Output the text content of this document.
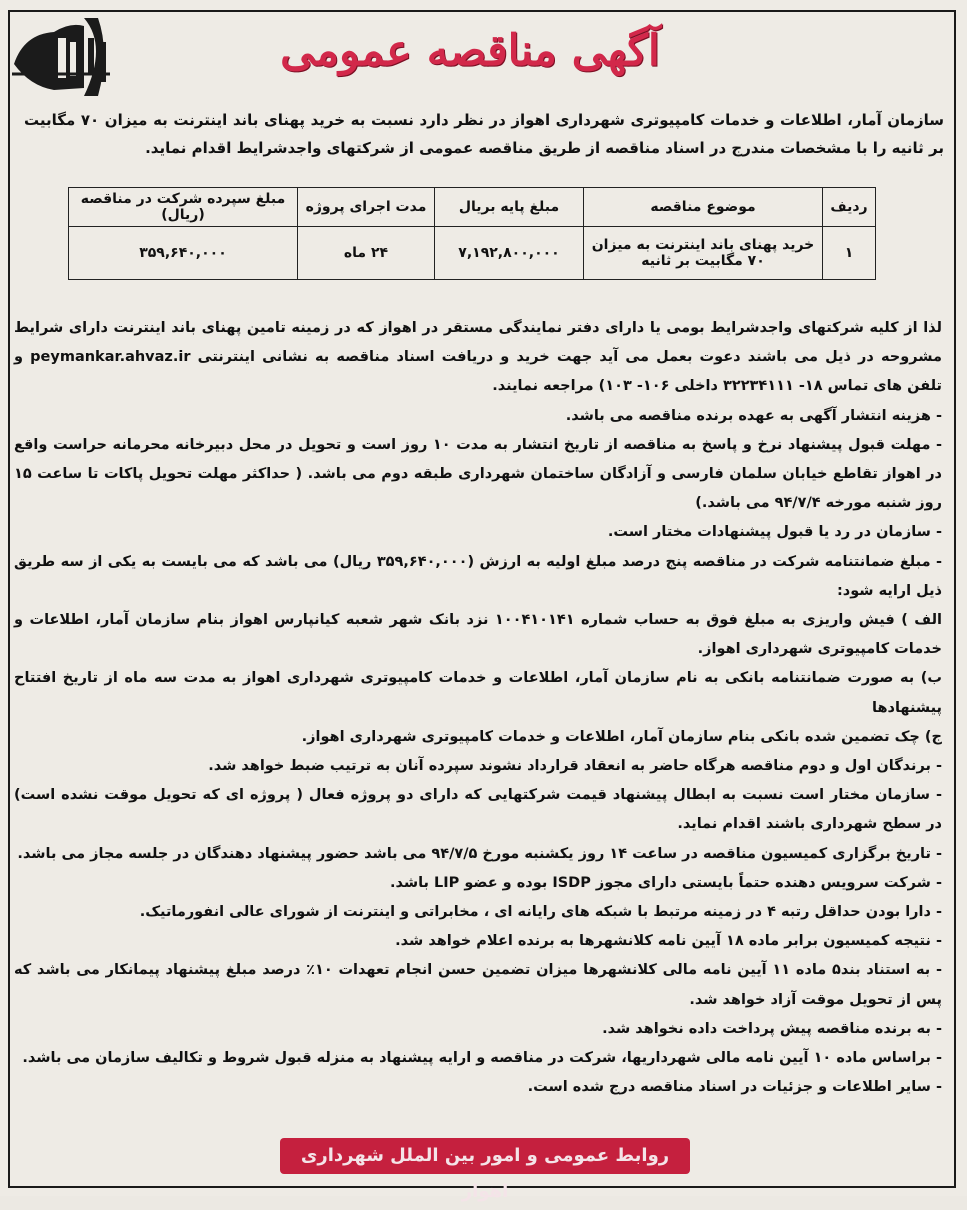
آگهی مناقصه عمومی
سازمان آمار، اطلاعات و خدمات کامپیوتری شهرداری اهواز در نظر دارد نسبت به خرید پهنای باند اینترنت به میزان ۷۰ مگابیت بر ثانیه را با مشخصات مندرج در اسناد مناقصه از طریق مناقصه عمومی از شرکتهای واجدشرایط اقدام نماید.
ردیف	موضوع مناقصه	مبلغ پایه بریال	مدت اجرای پروژه	مبلغ سپرده شرکت در مناقصه (ریال)
۱	خرید پهنای باند اینترنت به میزان ۷۰ مگابیت بر ثانیه	۷,۱۹۲,۸۰۰,۰۰۰	۲۴ ماه	۳۵۹,۶۴۰,۰۰۰

لذا از کلیه شرکتهای واجدشرایط بومی یا دارای دفتر نمایندگی مستقر در اهواز که در زمینه تامین پهنای باند اینترنت دارای شرایط مشروحه در ذیل می باشند دعوت بعمل می آید جهت خرید و دریافت اسناد مناقصه به نشانی اینترنتی peymankar.ahvaz.ir و تلفن های تماس ۱۸- ۳۲۲۳۴۱۱۱ داخلی ۱۰۶- ۱۰۳) مراجعه نمایند.

- هزینه انتشار آگهی به عهده برنده مناقصه می باشد.

- مهلت قبول پیشنهاد نرخ و پاسخ به مناقصه از تاریخ انتشار به مدت ۱۰ روز است و تحویل در محل دبیرخانه محرمانه حراست واقع در اهواز تقاطع خیابان سلمان فارسی و آزادگان ساختمان شهرداری طبقه دوم می باشد. ( حداکثر مهلت تحویل پاکات تا ساعت ۱۵ روز شنبه مورخه ۹۴/۷/۴ می باشد.)

- سازمان در رد یا قبول پیشنهادات مختار است.

- مبلغ ضمانتنامه شرکت در مناقصه پنج درصد مبلغ اولیه به ارزش (۳۵۹,۶۴۰,۰۰۰ ریال) می باشد که می بایست به یکی از سه طریق ذیل ارایه شود:

الف ) فیش واریزی به مبلغ فوق به حساب شماره ۱۰۰۴۱۰۱۴۱ نزد بانک شهر شعبه کیانپارس اهواز بنام سازمان آمار، اطلاعات و خدمات کامپیوتری شهرداری اهواز.

ب) به صورت ضمانتنامه بانکی به نام سازمان آمار، اطلاعات و خدمات کامپیوتری شهرداری اهواز به مدت سه ماه از تاریخ افتتاح پیشنهادها

ج) چک تضمین شده بانکی بنام سازمان آمار، اطلاعات و خدمات کامپیوتری شهرداری اهواز.

- برندگان اول و دوم مناقصه هرگاه حاضر به انعقاد قرارداد نشوند سپرده آنان به ترتیب ضبط خواهد شد.

- سازمان مختار است نسبت به ابطال پیشنهاد قیمت شرکتهایی که دارای دو پروژه فعال ( پروژه ای که تحویل موقت نشده است) در سطح شهرداری باشند اقدام نماید.

- تاریخ برگزاری کمیسیون مناقصه در ساعت ۱۴ روز یکشنبه مورخ ۹۴/۷/۵ می باشد حضور پیشنهاد دهندگان در جلسه مجاز می باشد.

- شرکت سرویس دهنده حتماً بایستی دارای مجوز ISDP بوده و عضو LIP باشد.

- دارا بودن حداقل رتبه ۴ در زمینه مرتبط با شبکه های رایانه ای ، مخابراتی و اینترنت از شورای عالی انفورماتیک.

- نتیجه کمیسیون برابر ماده ۱۸ آیین نامه کلانشهرها به برنده اعلام خواهد شد.

- به استناد بند۵ ماده ۱۱ آیین نامه مالی کلانشهرها میزان تضمین حسن انجام تعهدات ۱۰٪ درصد مبلغ پیشنهاد پیمانکار می باشد که پس از تحویل موقت آزاد خواهد شد.

- به برنده مناقصه پیش پرداخت داده نخواهد شد.

- براساس ماده ۱۰ آیین نامه مالی شهرداریها، شرکت در مناقصه و ارایه پیشنهاد به منزله قبول شروط و تکالیف سازمان می باشد.

- سایر اطلاعات و جزئیات در اسناد مناقصه درج شده است.

روابط عمومی و امور بین الملل شهرداری اهواز
